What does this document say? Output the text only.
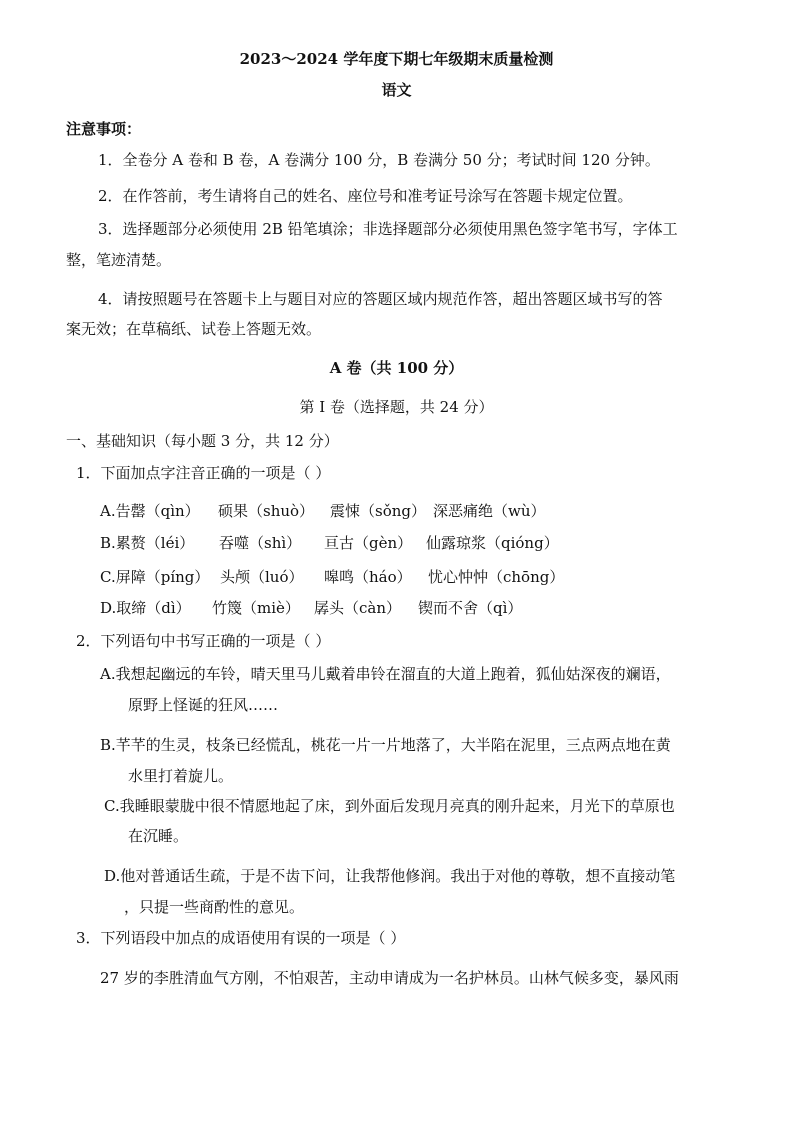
2023～2024 学年度下期七年级期末质量检测
语文
注意事项：
1．全卷分 A 卷和 B 卷，A 卷满分 100 分，B 卷满分 50 分；考试时间 120 分钟。
2．在作答前，考生请将自己的姓名、座位号和准考证号涂写在答题卡规定位置。
3．选择题部分必须使用 2B 铅笔填涂；非选择题部分必须使用黑色签字笔书写，字体工
整，笔迹清楚。
4．请按照题号在答题卡上与题目对应的答题区域内规范作答，超出答题区域书写的答
案无效；在草稿纸、试卷上答题无效。
A 卷（共 100 分）
第 I 卷（选择题，共 24 分）
一、基础知识（每小题 3 分，共 12 分）
1．下面加点字注音正确的一项是（ ）
A.告罄（qìn） 硕果（shuò） 震悚（sǒng） 深恶痛绝（wù）
B.累赘（léi） 吞噬（shì） 亘古（gèn） 仙露琼浆（qióng）
C.屏障（píng） 头颅（luó） 嗥鸣（háo） 忧心忡忡（chōng）
D.取缔（dì） 竹篾（miè） 孱头（càn） 锲而不舍（qì）
2．下列语句中书写正确的一项是（ ）
A.我想起幽远的车铃，晴天里马儿戴着串铃在溜直的大道上跑着，狐仙姑深夜的斓语，
原野上怪诞的狂风……
B.芊芊的生灵，枝条已经慌乱，桃花一片一片地落了，大半陷在泥里，三点两点地在黄
水里打着旋儿。
C.我睡眼蒙胧中很不情愿地起了床，到外面后发现月亮真的刚升起来，月光下的草原也
在沉睡。
D.他对普通话生疏，于是不齿下问，让我帮他修润。我出于对他的尊敬，想不直接动笔
，只提一些商酌性的意见。
3．下列语段中加点的成语使用有误的一项是（ ）
27 岁的李胜清血气方刚，不怕艰苦，主动申请成为一名护林员。山林气候多变，暴风雨
